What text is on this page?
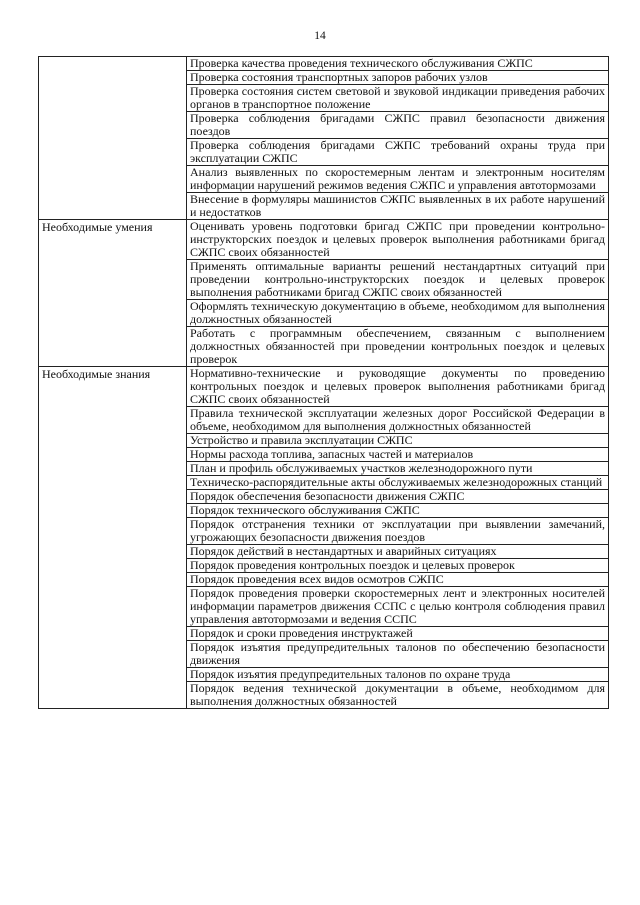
14
Проверка качества проведения технического обслуживания СЖПС
Проверка состояния транспортных запоров рабочих узлов
Проверка состояния систем световой и звуковой индикации приведения рабочих органов в транспортное положение
Проверка соблюдения бригадами СЖПС правил безопасности движения поездов
Проверка соблюдения бригадами СЖПС требований охраны труда при эксплуатации СЖПС
Анализ выявленных по скоростемерным лентам и электронным носителям информации нарушений режимов ведения СЖПС и управления автотормозами
Внесение в формуляры машинистов СЖПС выявленных в их работе нарушений и недостатков
Необходимые умения	Оценивать уровень подготовки бригад СЖПС при проведении контрольно-инструкторских поездок и целевых проверок выполнения работниками бригад СЖПС своих обязанностей
Применять оптимальные варианты решений нестандартных ситуаций при проведении контрольно-инструкторских поездок и целевых проверок выполнения работниками бригад СЖПС своих обязанностей
Оформлять техническую документацию в объеме, необходимом для выполнения должностных обязанностей
Работать с программным обеспечением, связанным с выполнением должностных обязанностей при проведении контрольных поездок и целевых проверок
Необходимые знания	Нормативно-технические и руководящие документы по проведению контрольных поездок и целевых проверок выполнения работниками бригад СЖПС своих обязанностей
Правила технической эксплуатации железных дорог Российской Федерации в объеме, необходимом для выполнения должностных обязанностей
Устройство и правила эксплуатации СЖПС
Нормы расхода топлива, запасных частей и материалов
План и профиль обслуживаемых участков железнодорожного пути
Техническо-распорядительные акты обслуживаемых железнодорожных станций
Порядок обеспечения безопасности движения СЖПС
Порядок технического обслуживания СЖПС
Порядок отстранения техники от эксплуатации при выявлении замечаний, угрожающих безопасности движения поездов
Порядок действий в нестандартных и аварийных ситуациях
Порядок проведения контрольных поездок и целевых проверок
Порядок проведения всех видов осмотров СЖПС
Порядок проведения проверки скоростемерных лент и электронных носителей информации параметров движения ССПС с целью контроля соблюдения правил управления автотормозами и ведения ССПС
Порядок и сроки проведения инструктажей
Порядок изъятия предупредительных талонов по обеспечению безопасности движения
Порядок изъятия предупредительных талонов по охране труда
Порядок ведения технической документации в объеме, необходимом для выполнения должностных обязанностей
